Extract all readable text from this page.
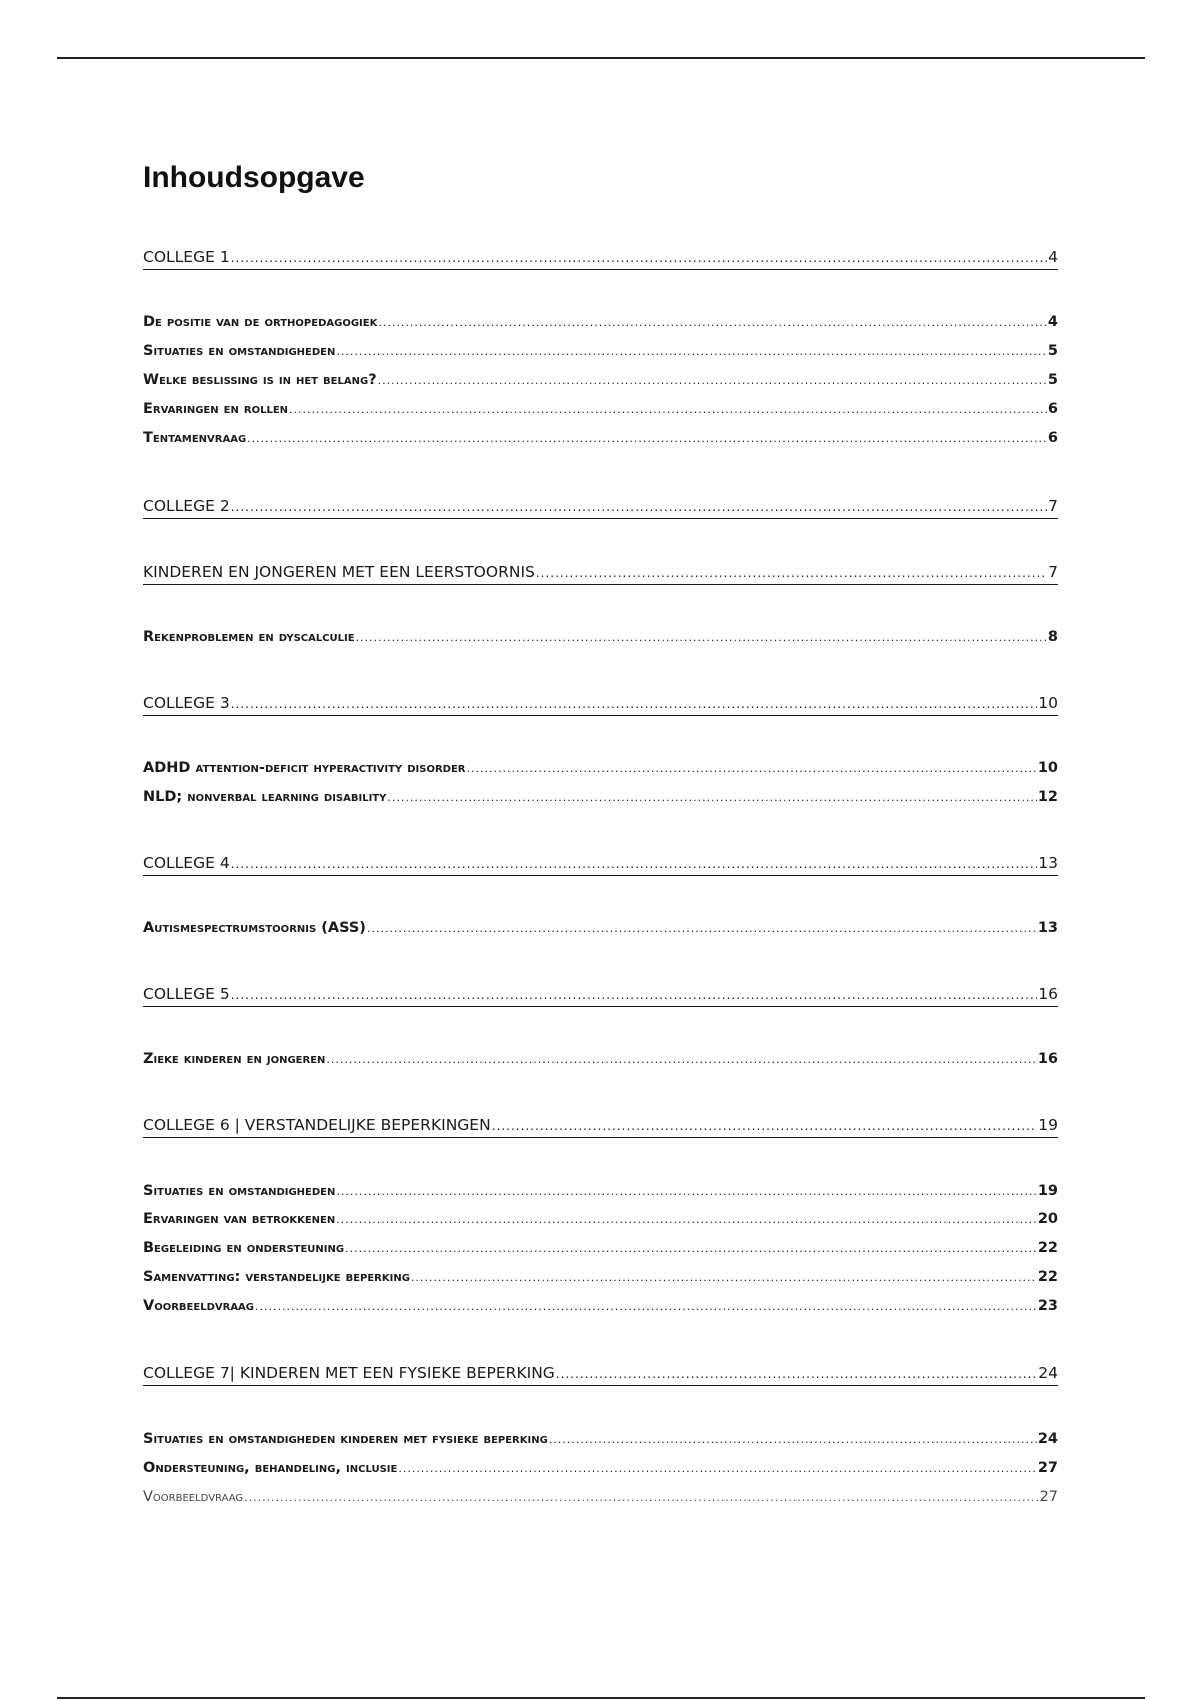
Inhoudsopgave
COLLEGE 1 .....	4
De positie van de orthopedagogiek .....	4
Situaties en omstandigheden .....	5
Welke beslissing is in het belang? .....	5
Ervaringen en rollen .....	6
Tentamenvraag .....	6
COLLEGE 2 .....	7
KINDEREN EN JONGEREN MET EEN LEERSTOORNIS .....	7
Rekenproblemen en dyscalculie .....	8
COLLEGE 3 .....	10
ADHD attention-deficit hyperactivity disorder .....	10
NLD; nonverbal learning disability .....	12
COLLEGE 4 .....	13
Autismespectrumstoornis (ASS) .....	13
COLLEGE 5 .....	16
Zieke kinderen en jongeren .....	16
COLLEGE 6 | VERSTANDELIJKE BEPERKINGEN .....	19
Situaties en omstandigheden .....	19
Ervaringen van betrokkenen .....	20
Begeleiding en ondersteuning .....	22
Samenvatting: verstandelijke beperking .....	22
Voorbeeldvraag .....	23
COLLEGE 7| KINDEREN MET EEN FYSIEKE BEPERKING .....	24
Situaties en omstandigheden kinderen met fysieke beperking .....	24
Ondersteuning, behandeling, inclusie .....	27
Voorbeeldvraag .....	27
